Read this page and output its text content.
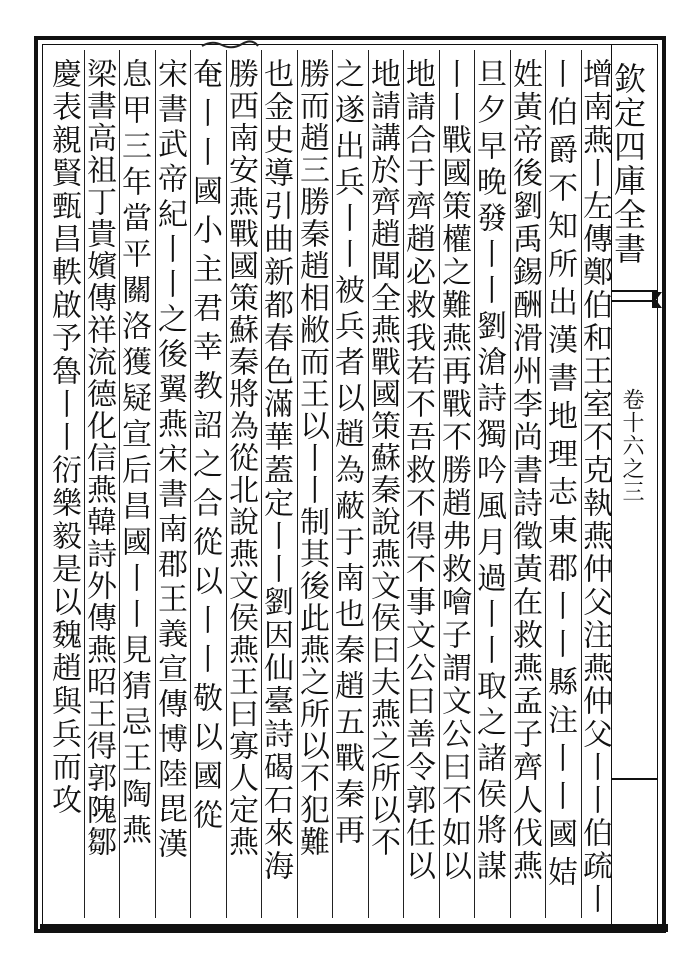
欽定四庫全書
卷十六之三
增南燕丨左傳鄭伯和王室不克執燕仲父注燕仲父丨丨伯疏丨
丨伯爵不知所出漢書地理志東郡丨丨縣注丨丨國姞
姓黃帝後劉禹錫酬滑州李尚書詩徵黃在救燕孟子齊人伐燕
旦夕早晚發丨丨劉滄詩獨吟風月過丨丨取之諸侯將謀
丨丨戰國策權之難燕再戰不勝趙弗救噲子謂文公曰不如以
地請合于齊趙必救我若不吾救不得不事文公曰善令郭任以
地請講於齊趙聞全燕戰國策蘇秦說燕文侯曰夫燕之所以不
之遂出兵丨丨被兵者以趙為蔽于南也秦趙五戰秦再
勝而趙三勝秦趙相敝而王以丨丨制其後此燕之所以不犯難
也金史導引曲新都春色滿華蓋定丨丨劉因仙臺詩碣石來海
勝西南安燕戰國策蘇秦將為從北說燕文侯燕王曰寡人定燕
奄丨丨國小主君幸教詔之合從以丨丨敬以國從
宋書武帝紀丨丨之後翼燕宋書南郡王義宣傳博陸毘漢
息甲三年當平關洛獲疑宣后昌國丨丨見猜忌王陶燕
梁書高祖丁貴嬪傳祥流德化信燕韓詩外傳燕昭王得郭隗鄒
慶表親賢甄昌軼啟予魯丨丨衍樂毅是以魏趙與兵而攻
